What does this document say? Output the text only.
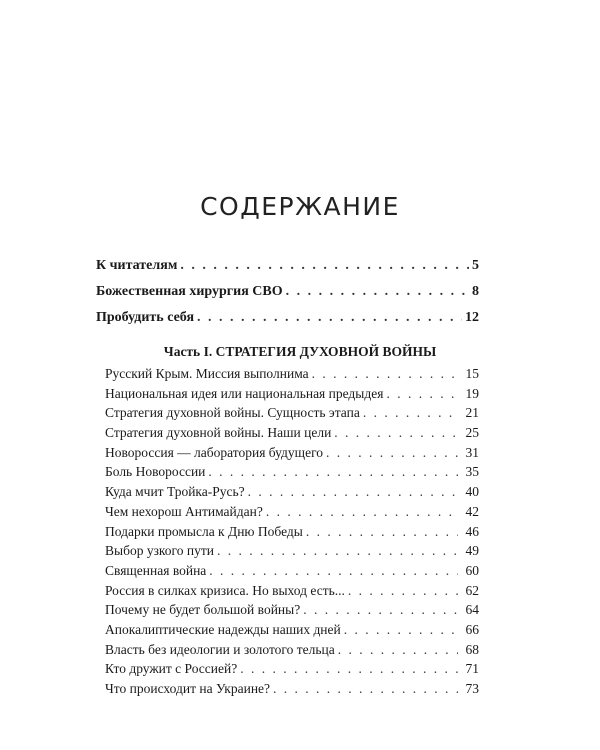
СОДЕРЖАНИЕ
К читателям . . .	5
Божественная хирургия СВО . . .	8
Пробудить себя . . .	12
Часть I. СТРАТЕГИЯ ДУХОВНОЙ ВОЙНЫ
Русский Крым. Миссия выполнима . . .	15
Национальная идея или национальная предыдея . . .	19
Стратегия духовной войны. Сущность этапа . . .	21
Стратегия духовной войны. Наши цели . . .	25
Новороссия — лаборатория будущего . . .	31
Боль Новороссии . . .	35
Куда мчит Тройка-Русь? . . .	40
Чем нехорош Антимайдан? . . .	42
Подарки промысла к Дню Победы . . .	46
Выбор узкого пути . . .	49
Священная война . . .	60
Россия в силках кризиса. Но выход есть... . . .	62
Почему не будет большой войны? . . .	64
Апокалиптические надежды наших дней . . .	66
Власть без идеологии и золотого тельца . . .	68
Кто дружит с Россией? . . .	71
Что происходит на Украине? . . .	73
